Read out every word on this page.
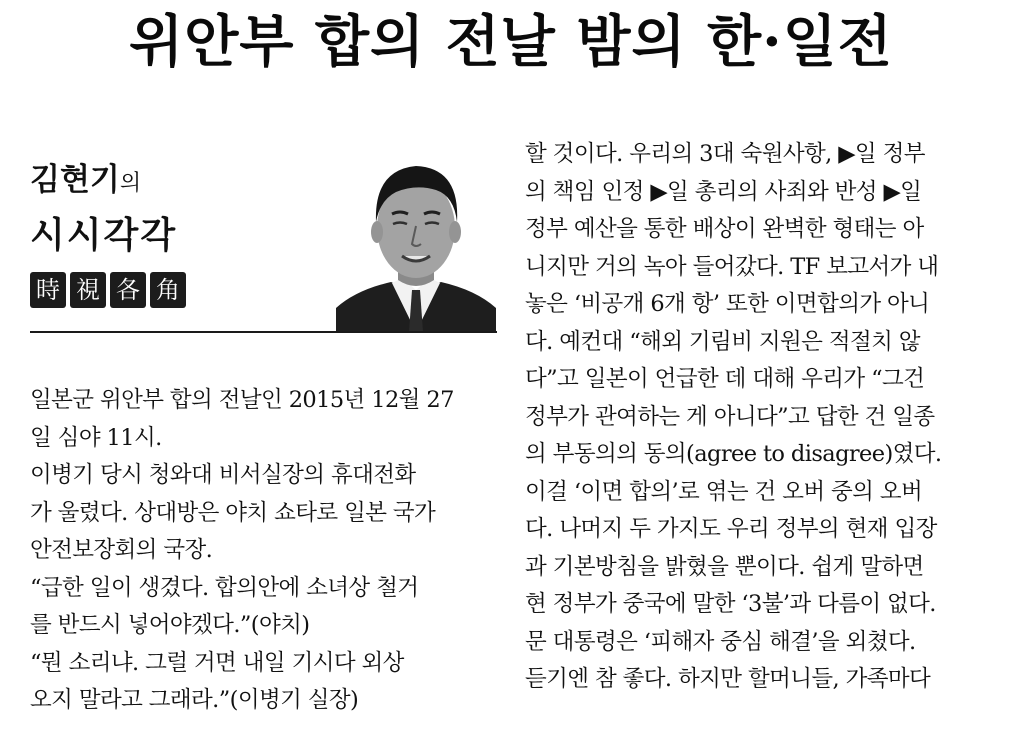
위안부 합의 전날 밤의 한·일전
김현기의
시시각각
時 視 各 角
일본군 위안부 합의 전날인 2015년 12월 27
일 심야 11시.
이병기 당시 청와대 비서실장의 휴대전화
가 울렸다. 상대방은 야치 쇼타로 일본 국가
안전보장회의 국장.
“급한 일이 생겼다. 합의안에 소녀상 철거
를 반드시 넣어야겠다.”(야치)
“뭔 소리냐. 그럴 거면 내일 기시다 외상
오지 말라고 그래라.”(이병기 실장)
할 것이다. 우리의 3대 숙원사항, ▶일 정부
의 책임 인정 ▶일 총리의 사죄와 반성 ▶일
정부 예산을 통한 배상이 완벽한 형태는 아
니지만 거의 녹아 들어갔다. TF 보고서가 내
놓은 ‘비공개 6개 항’ 또한 이면합의가 아니
다. 예컨대 “해외 기림비 지원은 적절치 않
다”고 일본이 언급한 데 대해 우리가 “그건
정부가 관여하는 게 아니다”고 답한 건 일종
의 부동의의 동의(agree to disagree)였다.
이걸 ‘이면 합의’로 엮는 건 오버 중의 오버
다. 나머지 두 가지도 우리 정부의 현재 입장
과 기본방침을 밝혔을 뿐이다. 쉽게 말하면
현 정부가 중국에 말한 ‘3불’과 다름이 없다.
문 대통령은 ‘피해자 중심 해결’을 외쳤다.
듣기엔 참 좋다. 하지만 할머니들, 가족마다
